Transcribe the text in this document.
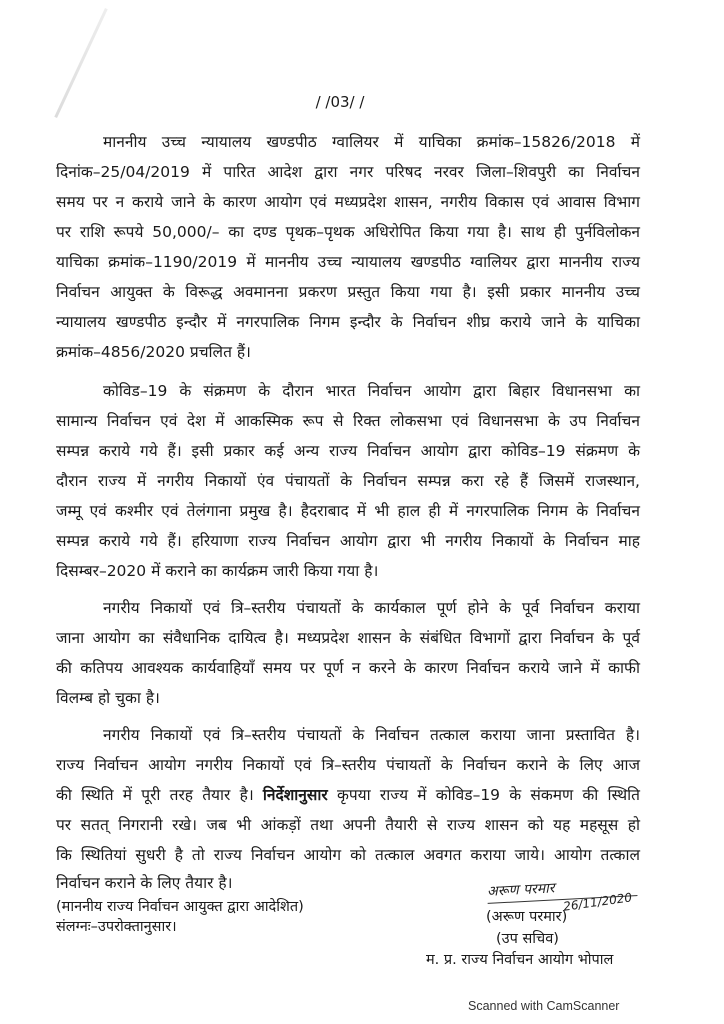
/ /03/ /
माननीय उच्च न्यायालय खण्डपीठ ग्वालियर में याचिका क्रमांक–15826/2018 में
दिनांक–25/04/2019 में पारित आदेश द्वारा नगर परिषद नरवर जिला–शिवपुरी का निर्वाचन
समय पर न कराये जाने के कारण आयोग एवं मध्यप्रदेश शासन, नगरीय विकास एवं आवास विभाग
पर राशि रूपये 50,000/– का दण्ड पृथक–पृथक अधिरोपित किया गया है। साथ ही पुर्नविलोकन
याचिका क्रमांक–1190/2019 में माननीय उच्च न्यायालय खण्डपीठ ग्वालियर द्वारा माननीय राज्य
निर्वाचन आयुक्त के विरूद्ध अवमानना प्रकरण प्रस्तुत किया गया है। इसी प्रकार माननीय उच्च
न्यायालय खण्डपीठ इन्दौर में नगरपालिक निगम इन्दौर के निर्वाचन शीघ्र कराये जाने के याचिका
क्रमांक–4856/2020 प्रचलित हैं।
कोविड–19 के संक्रमण के दौरान भारत निर्वाचन आयोग द्वारा बिहार विधानसभा का
सामान्य निर्वाचन एवं देश में आकस्मिक रूप से रिक्त लोकसभा एवं विधानसभा के उप निर्वाचन
सम्पन्न कराये गये हैं। इसी प्रकार कई अन्य राज्य निर्वाचन आयोग द्वारा कोविड–19 संक्रमण के
दौरान राज्य में नगरीय निकायों एंव पंचायतों के निर्वाचन सम्पन्न करा रहे हैं जिसमें राजस्थान,
जम्मू एवं कश्मीर एवं तेलंगाना प्रमुख है। हैदराबाद में भी हाल ही में नगरपालिक निगम के निर्वाचन
सम्पन्न कराये गये हैं। हरियाणा राज्य निर्वाचन आयोग द्वारा भी नगरीय निकायों के निर्वाचन माह
दिसम्बर–2020 में कराने का कार्यक्रम जारी किया गया है।
नगरीय निकायों एवं त्रि–स्तरीय पंचायतों के कार्यकाल पूर्ण होने के पूर्व निर्वाचन कराया
जाना आयोग का संवैधानिक दायित्व है। मध्यप्रदेश शासन के संबंधित विभागों द्वारा निर्वाचन के पूर्व
की कतिपय आवश्यक कार्यवाहियाँ समय पर पूर्ण न करने के कारण निर्वाचन कराये जाने में काफी
विलम्ब हो चुका है।
नगरीय निकायों एवं त्रि–स्तरीय पंचायतों के निर्वाचन तत्काल कराया जाना प्रस्तावित है।
राज्य निर्वाचन आयोग नगरीय निकायों एवं त्रि–स्तरीय पंचायतों के निर्वाचन कराने के लिए आज
की स्थिति में पूरी तरह तैयार है। निर्देशानुसार कृपया राज्य में कोविड–19 के संकमण की स्थिति
पर सतत् निगरानी रखे। जब भी आंकड़ों तथा अपनी तैयारी से राज्य शासन को यह महसूस हो
कि स्थितियां सुधरी है तो राज्य निर्वाचन आयोग को तत्काल अवगत कराया जाये। आयोग तत्काल
निर्वाचन कराने के लिए तैयार है।
(माननीय राज्य निर्वाचन आयुक्त द्वारा आदेशित)
संलग्नः–उपरोक्तानुसार।
अरूण परमार
26/11/2020
(अरूण परमार)
(उप सचिव)
म. प्र. राज्य निर्वाचन आयोग भोपाल
Scanned with CamScanner
